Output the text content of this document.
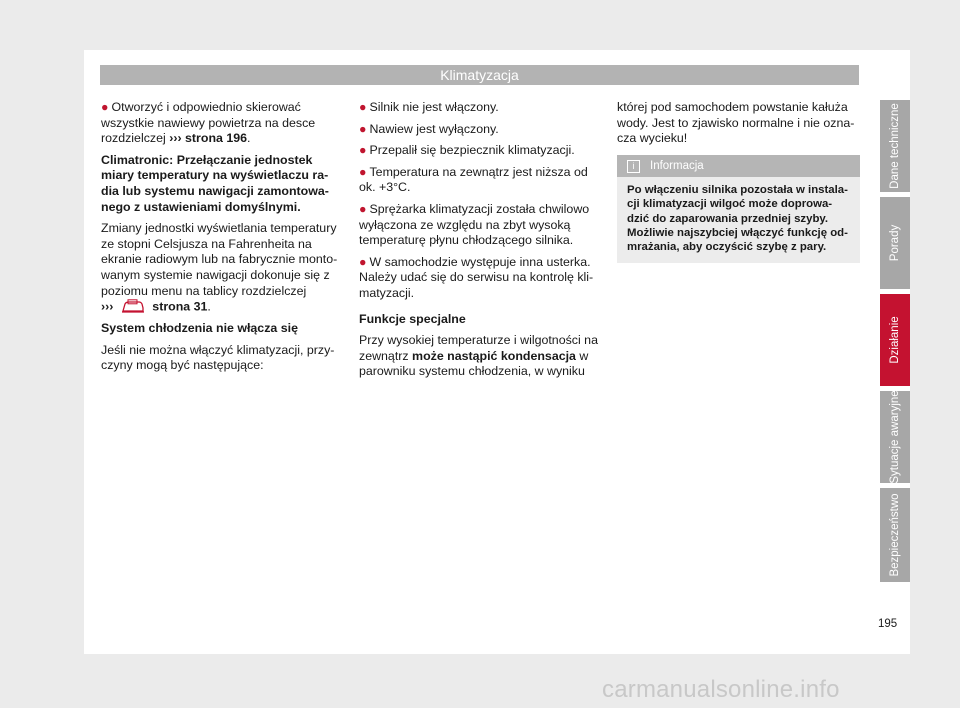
Klimatyzacja

● Otworzyć i odpowiednio skierować wszystkie nawiewy powietrza na desce rozdzielczej ››› strona 196.

Climatronic: Przełączanie jednostek miary temperatury na wyświetlaczu ra-dia lub systemu nawigacji zamontowa-nego z ustawieniami domyślnymi.

Zmiany jednostki wyświetlania temperatury ze stopni Celsjusza na Fahrenheita na ekranie radiowym lub na fabrycznie monto-wanym systemie nawigacji dokonuje się z poziomu menu na tablicy rozdzielczej
›››	strona 31.

System chłodzenia nie włącza się

Jeśli nie można włączyć klimatyzacji, przy-czyny mogą być następujące:

● Silnik nie jest włączony.

● Nawiew jest wyłączony.

● Przepalił się bezpiecznik klimatyzacji.

● Temperatura na zewnątrz jest niższa od ok. +3°C.

● Sprężarka klimatyzacji została chwilowo wyłączona ze względu na zbyt wysoką temperaturę płynu chłodzącego silnika.

● W samochodzie występuje inna usterka. Należy udać się do serwisu na kontrolę kli-matyzacji.

Funkcje specjalne

Przy wysokiej temperaturze i wilgotności na zewnątrz może nastąpić kondensacja w parowniku systemu chłodzenia, w wyniku

której pod samochodem powstanie kałuża wody. Jest to zjawisko normalne i nie ozna-cza wycieku!

i Informacja
Po włączeniu silnika pozostała w instala-cji klimatyzacji wilgoć może doprowa-dzić do zaparowania przedniej szyby. Możliwie najszybciej włączyć funkcję od-mrażania, aby oczyścić szybę z pary.
Dane techniczne
Porady
Działanie
Sytuacje awaryjne
Bezpieczeństwo
195
carmanualsonline.info
